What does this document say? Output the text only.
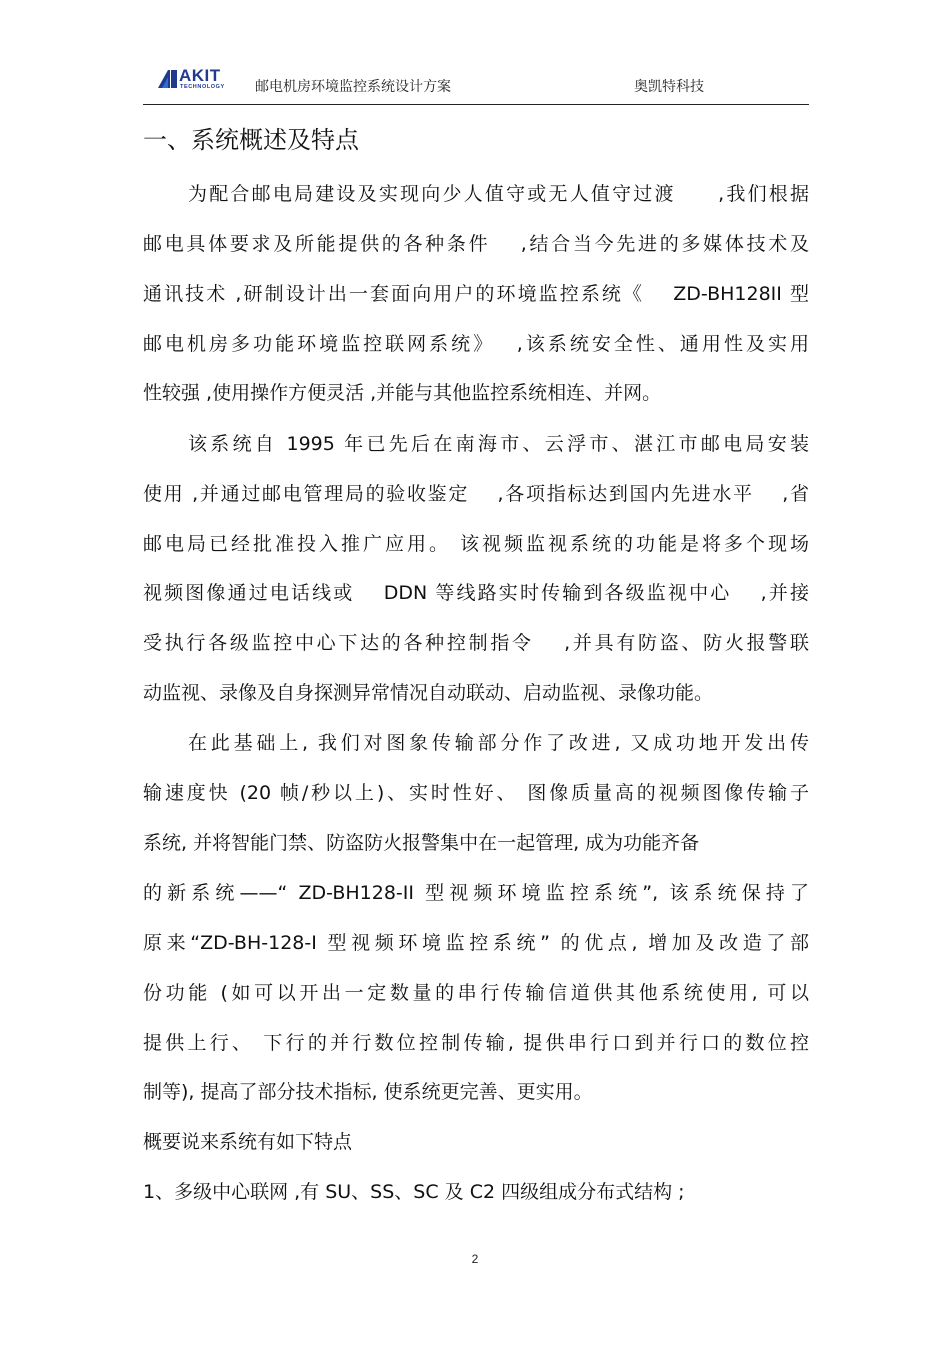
AKIT
TECHNOLOGY 邮电机房环境监控系统设计方案	奥凯特科技
一、系统概述及特点
为配合邮电局建设及实现向少人值守或无人值守过渡　　,我们根据
邮电具体要求及所能提供的各种条件　 ,结合当今先进的多媒体技术及
通讯技术 ,研制设计出一套面向用户的环境监控系统《　 ZD-BH128II 型
邮电机房多功能环境监控联网系统》　 ,该系统安全性、通用性及实用
性较强 ,使用操作方便灵活 ,并能与其他监控系统相连、并网。
该系统自 1995 年已先后在南海市、云浮市、湛江市邮电局安装
使用 ,并通过邮电管理局的验收鉴定　 ,各项指标达到国内先进水平　 ,省
邮电局已经批准投入推广应用。 该视频监视系统的功能是将多个现场
视频图像通过电话线或　 DDN 等线路实时传输到各级监视中心　 ,并接
受执行各级监控中心下达的各种控制指令　 ,并具有防盗、防火报警联
动监视、录像及自身探测异常情况自动联动、启动监视、录像功能。
在此基础上, 我们对图象传输部分作了改进, 又成功地开发出传
输速度快 (20 帧/秒以上)、实时性好、 图像质量高的视频图像传输子
系统, 并将智能门禁、防盗防火报警集中在一起管理, 成为功能齐备
的新系统——“ ZD-BH128-II 型视频环境监控系统”, 该系统保持了
原来“ZD-BH-128-I 型视频环境监控系统” 的优点, 增加及改造了部
份功能 (如可以开出一定数量的串行传输信道供其他系统使用, 可以
提供上行、 下行的并行数位控制传输, 提供串行口到并行口的数位控
制等), 提高了部分技术指标, 使系统更完善、更实用。
概要说来系统有如下特点
1、多级中心联网 ,有 SU、SS、SC 及 C2 四级组成分布式结构 ;
2
